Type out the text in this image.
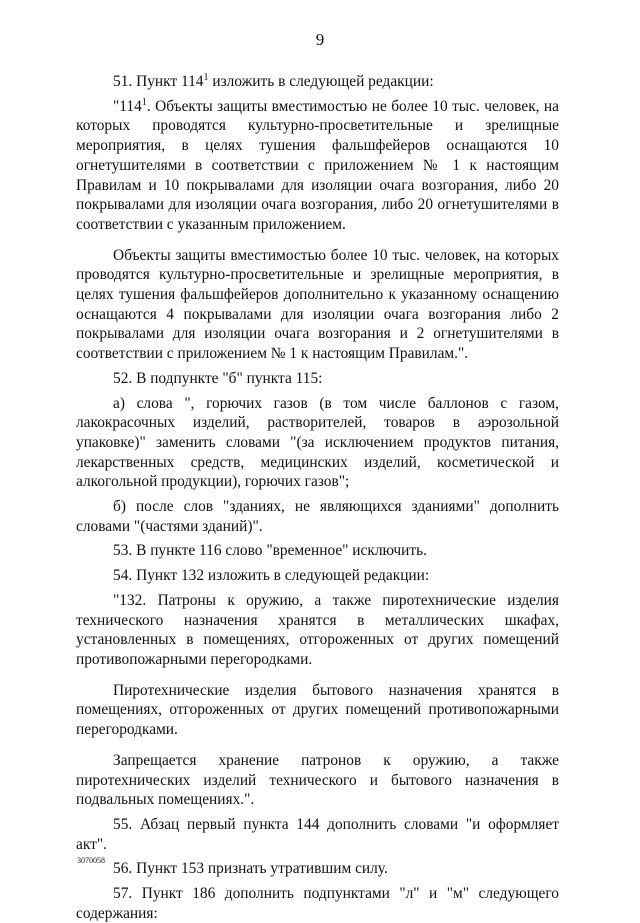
9

51. Пункт $114^1$ изложить в следующей редакции:

"$114^1$. Объекты защиты вместимостью не более 10 тыс. человек, на которых проводятся культурно-просветительные и зрелищные мероприятия, в целях тушения фальшфейеров оснащаются 10 огнетушителями в соответствии с приложением № 1 к настоящим Правилам и 10 покрывалами для изоляции очага возгорания, либо 20 покрывалами для изоляции очага возгорания, либо 20 огнетушителями в соответствии с указанным приложением.

Объекты защиты вместимостью более 10 тыс. человек, на которых проводятся культурно-просветительные и зрелищные мероприятия, в целях тушения фальшфейеров дополнительно к указанному оснащению оснащаются 4 покрывалами для изоляции очага возгорания либо 2 покрывалами для изоляции очага возгорания и 2 огнетушителями в соответствии с приложением № 1 к настоящим Правилам.".

52. В подпункте "б" пункта 115:

а) слова ", горючих газов (в том числе баллонов с газом, лакокрасочных изделий, растворителей, товаров в аэрозольной упаковке)" заменить словами "(за исключением продуктов питания, лекарственных средств, медицинских изделий, косметической и алкогольной продукции), горючих газов";

б) после слов "зданиях, не являющихся зданиями" дополнить словами "(частями зданий)".

53. В пункте 116 слово "временное" исключить.

54. Пункт 132 изложить в следующей редакции:

"132. Патроны к оружию, а также пиротехнические изделия технического назначения хранятся в металлических шкафах, установленных в помещениях, отгороженных от других помещений противопожарными перегородками.

Пиротехнические изделия бытового назначения хранятся в помещениях, отгороженных от других помещений противопожарными перегородками.

Запрещается хранение патронов к оружию, а также пиротехнических изделий технического и бытового назначения в подвальных помещениях.".

55. Абзац первый пункта 144 дополнить словами "и оформляет акт".

56. Пункт 153 признать утратившим силу.

57. Пункт 186 дополнить подпунктами "л" и "м" следующего содержания:

3070058
